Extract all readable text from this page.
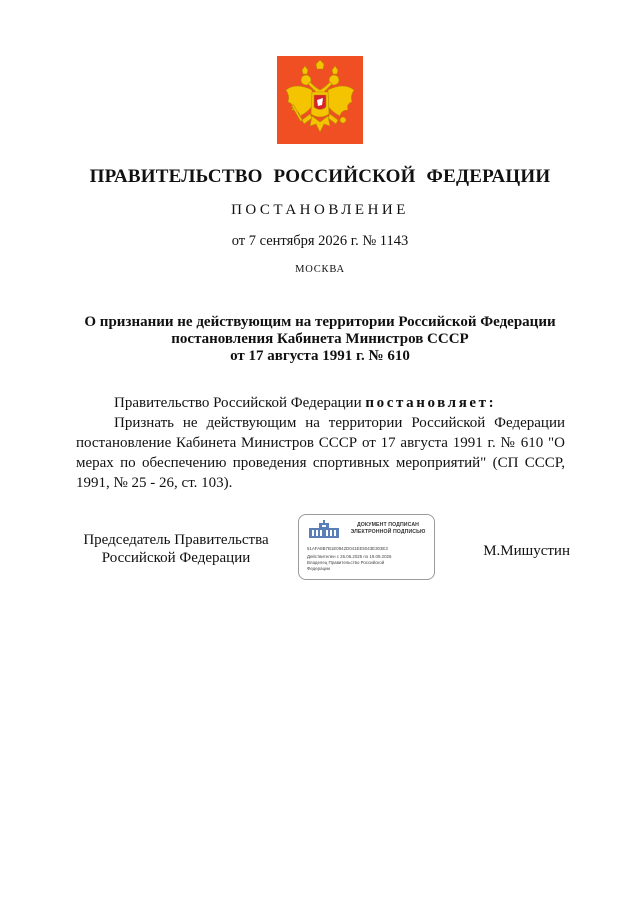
ПРАВИТЕЛЬСТВО РОССИЙСКОЙ ФЕДЕРАЦИИ
ПОСТАНОВЛЕНИЕ
от 7 сентября 2026 г. № 1143
МОСКВА
О признании не действующим на территории Российской Федерации
постановления Кабинета Министров СССР
от 17 августа 1991 г. № 610
Правительство Российской Федерации постановляет:
Признать не действующим на территории Российской Федерации постановление Кабинета Министров СССР от 17 августа 1991 г. № 610 "О мерах по обеспечению проведения спортивных мероприятий" (СП СССР, 1991, № 25 - 26, ст. 103).
Председатель Правительства
Российской Федерации
ДОКУМЕНТ ПОДПИСАН
ЭЛЕКТРОННОЙ ПОДПИСЬЮ
51AFA8B7B1E0942D041EE5043E303E3
Действителен с 26.06.2025 по 19.09.2026
Владелец Правительство Российской
Федерации
М.Мишустин
